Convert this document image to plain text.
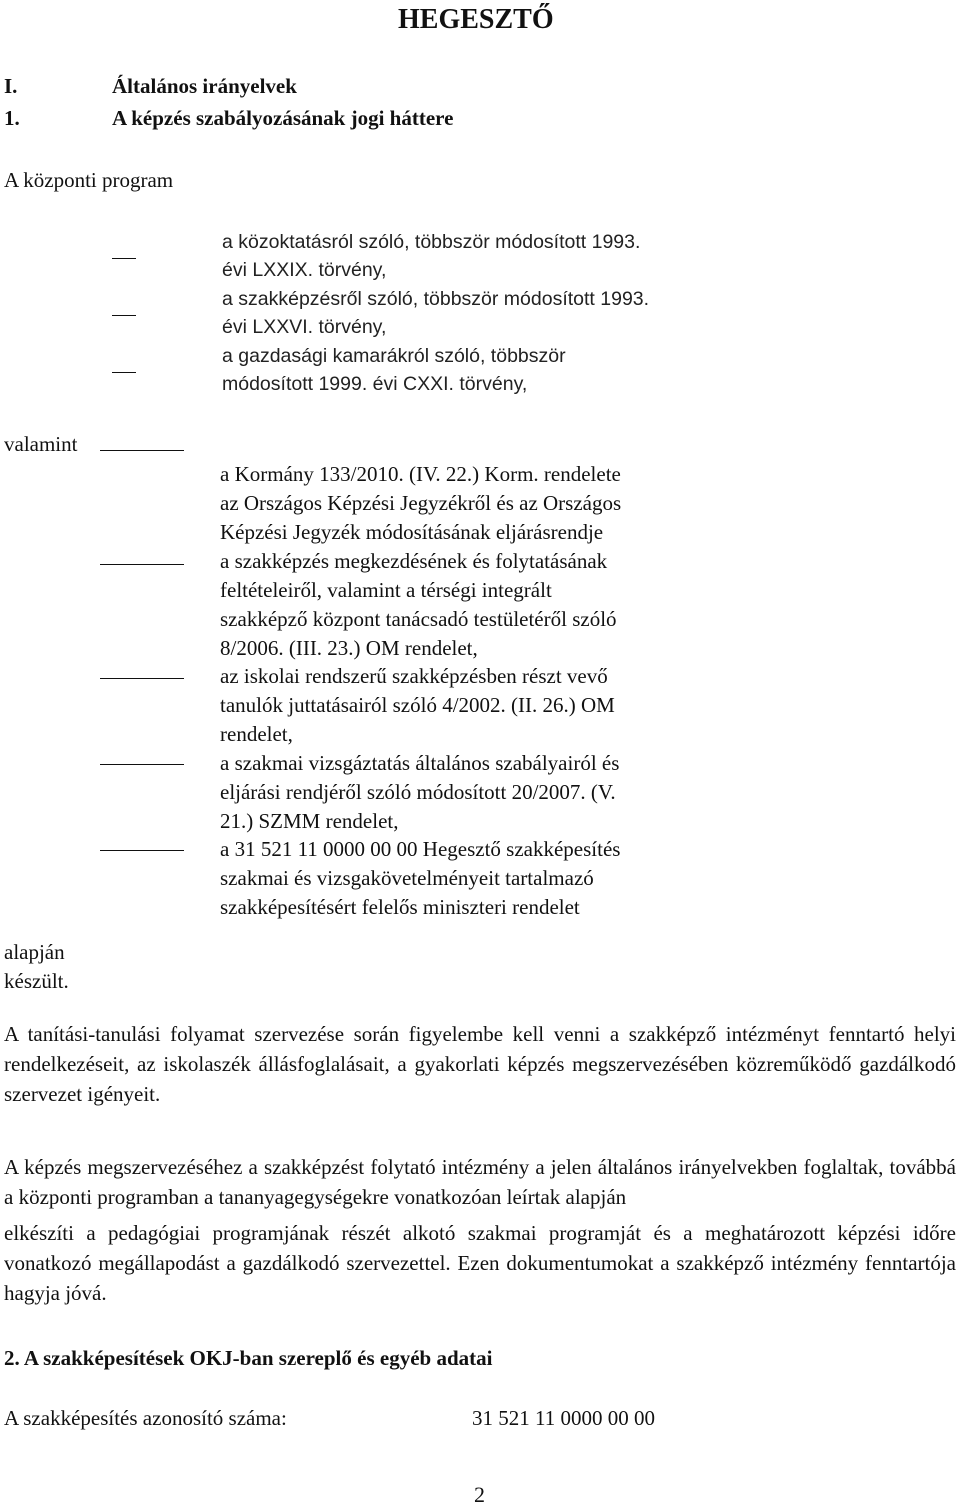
HEGESZTŐ
I.	Általános irányelvek
1.	A képzés szabályozásának jogi háttere
A központi program
a közoktatásról szóló, többször módosított 1993.
évi LXXIX. törvény,
a szakképzésről szóló, többször módosított 1993.
évi LXXVI. törvény,
a gazdasági kamarákról szóló, többször
módosított 1999. évi CXXI. törvény,
valamint
a Kormány 133/2010. (IV. 22.) Korm. rendelete
az Országos Képzési Jegyzékről és az Országos
Képzési Jegyzék módosításának eljárásrendje
a szakképzés megkezdésének és folytatásának
feltételeiről, valamint a térségi integrált
szakképző központ tanácsadó testületéről szóló
8/2006. (III. 23.) OM rendelet,
az iskolai rendszerű szakképzésben részt vevő
tanulók juttatásairól szóló 4/2002. (II. 26.) OM
rendelet,
a szakmai vizsgáztatás általános szabályairól és
eljárási rendjéről szóló módosított 20/2007. (V.
21.) SZMM rendelet,
a 31 521 11 0000 00 00 Hegesztő szakképesítés
szakmai és vizsgakövetelményeit tartalmazó
szakképesítésért felelős miniszteri rendelet
alapján készült.
A tanítási-tanulási folyamat szervezése során figyelembe kell venni a szakképző intézményt fenntartó helyi rendelkezéseit, az iskolaszék állásfoglalásait, a gyakorlati képzés megszervezésében közreműködő gazdálkodó szervezet igényeit.
A képzés megszervezéséhez a szakképzést folytató intézmény a jelen általános irányelvekben foglaltak, továbbá a központi programban a tananyagegységekre vonatkozóan leírtak alapján
elkészíti a pedagógiai programjának részét alkotó szakmai programját és a meghatározott képzési időre vonatkozó megállapodást a gazdálkodó szervezettel. Ezen dokumentumokat a szakképző intézmény fenntartója hagyja jóvá.
2. A szakképesítések OKJ-ban szereplő és egyéb adatai
A szakképesítés azonosító száma:	31 521 11 0000 00 00
2
